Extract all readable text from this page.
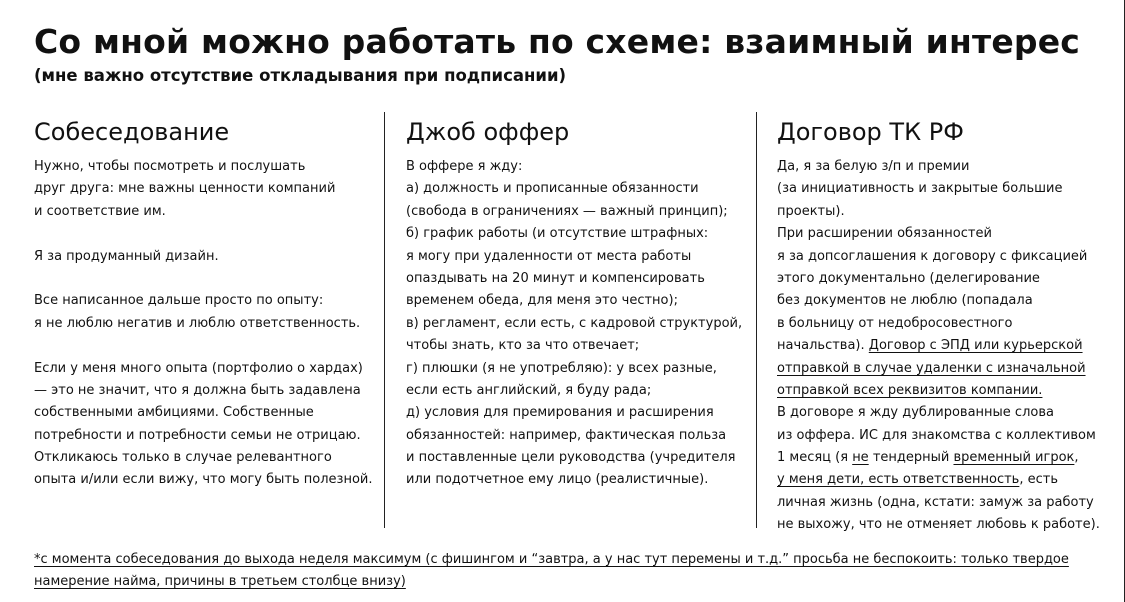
Со мной можно работать по схеме: взаимный интерес
(мне важно отсутствие откладывания при подписании)
Собеседование
Нужно, чтобы посмотреть и послушать
друг друга: мне важны ценности компаний
и соответствие им.
Я за продуманный дизайн.
Все написанное дальше просто по опыту:
я не люблю негатив и люблю ответственность.
Если у меня много опыта (портфолио о хардах)
— это не значит, что я должна быть задавлена
собственными амбициями. Собственные
потребности и потребности семьи не отрицаю.
Откликаюсь только в случае релевантного
опыта и/или если вижу, что могу быть полезной.
Джоб оффер
В оффере я жду:
а) должность и прописанные обязанности
(свобода в ограничениях — важный принцип);
б) график работы (и отсутствие штрафных:
я могу при удаленности от места работы
опаздывать на 20 минут и компенсировать
временем обеда, для меня это честно);
в) регламент, если есть, с кадровой структурой,
чтобы знать, кто за что отвечает;
г) плюшки (я не употребляю): у всех разные,
если есть английский, я буду рада;
д) условия для премирования и расширения
обязанностей: например, фактическая польза
и поставленные цели руководства (учредителя
или подотчетное ему лицо (реалистичные).
Договор ТК РФ
Да, я за белую з/п и премии
(за инициативность и закрытые большие
проекты).
При расширении обязанностей
я за допсоглашения к договору с фиксацией
этого документально (делегирование
без документов не люблю (попадала
в больницу от недобросовестного
начальства). Договор с ЭПД или курьерской
отправкой в случае удаленки с изначальной
отправкой всех реквизитов компании.
В договоре я жду дублированные слова
из оффера. ИС для знакомства с коллективом
1 месяц (я не тендерный временный игрок,
у меня дети, есть ответственность, есть
личная жизнь (одна, кстати: замуж за работу
не выхожу, что не отменяет любовь к работе).
*с момента собеседования до выхода неделя максимум (с фишингом и “завтра, а у нас тут перемены и т.д.” просьба не беспокоить: только твердое
намерение найма, причины в третьем столбце внизу)
